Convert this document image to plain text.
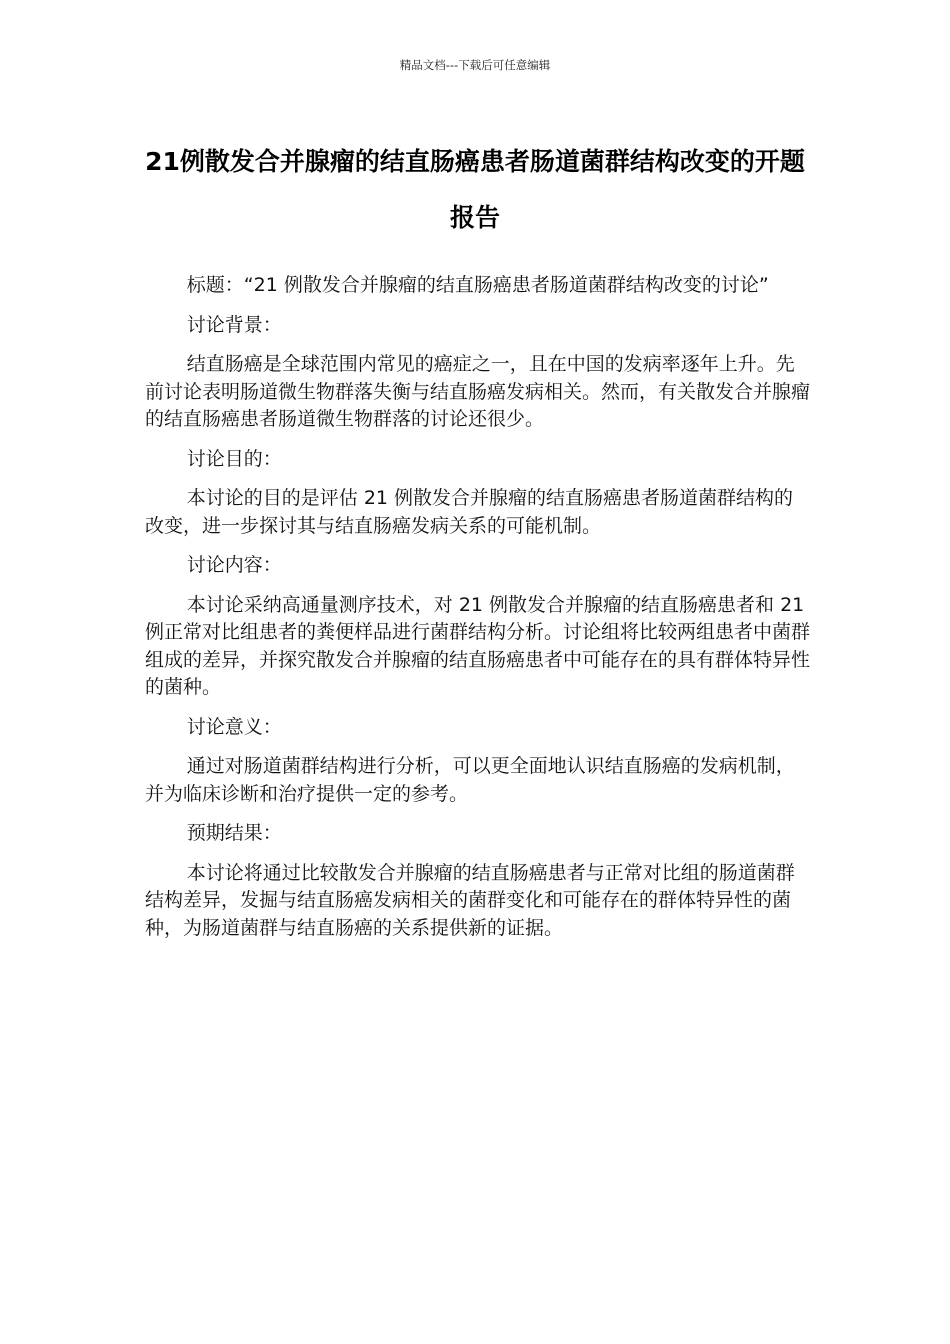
精品文档---下载后可任意编辑
21例散发合并腺瘤的结直肠癌患者肠道菌群结构改变的开题报告

标题：“21 例散发合并腺瘤的结直肠癌患者肠道菌群结构改变的讨论”

讨论背景：

结直肠癌是全球范围内常见的癌症之一，且在中国的发病率逐年上升。先前讨论表明肠道微生物群落失衡与结直肠癌发病相关。然而，有关散发合并腺瘤的结直肠癌患者肠道微生物群落的讨论还很少。

讨论目的：

本讨论的目的是评估 21 例散发合并腺瘤的结直肠癌患者肠道菌群结构的改变，进一步探讨其与结直肠癌发病关系的可能机制。

讨论内容：

本讨论采纳高通量测序技术，对 21 例散发合并腺瘤的结直肠癌患者和 21 例正常对比组患者的粪便样品进行菌群结构分析。讨论组将比较两组患者中菌群组成的差异，并探究散发合并腺瘤的结直肠癌患者中可能存在的具有群体特异性的菌种。

讨论意义：

通过对肠道菌群结构进行分析，可以更全面地认识结直肠癌的发病机制，并为临床诊断和治疗提供一定的参考。

预期结果：

本讨论将通过比较散发合并腺瘤的结直肠癌患者与正常对比组的肠道菌群结构差异，发掘与结直肠癌发病相关的菌群变化和可能存在的群体特异性的菌种，为肠道菌群与结直肠癌的关系提供新的证据。
